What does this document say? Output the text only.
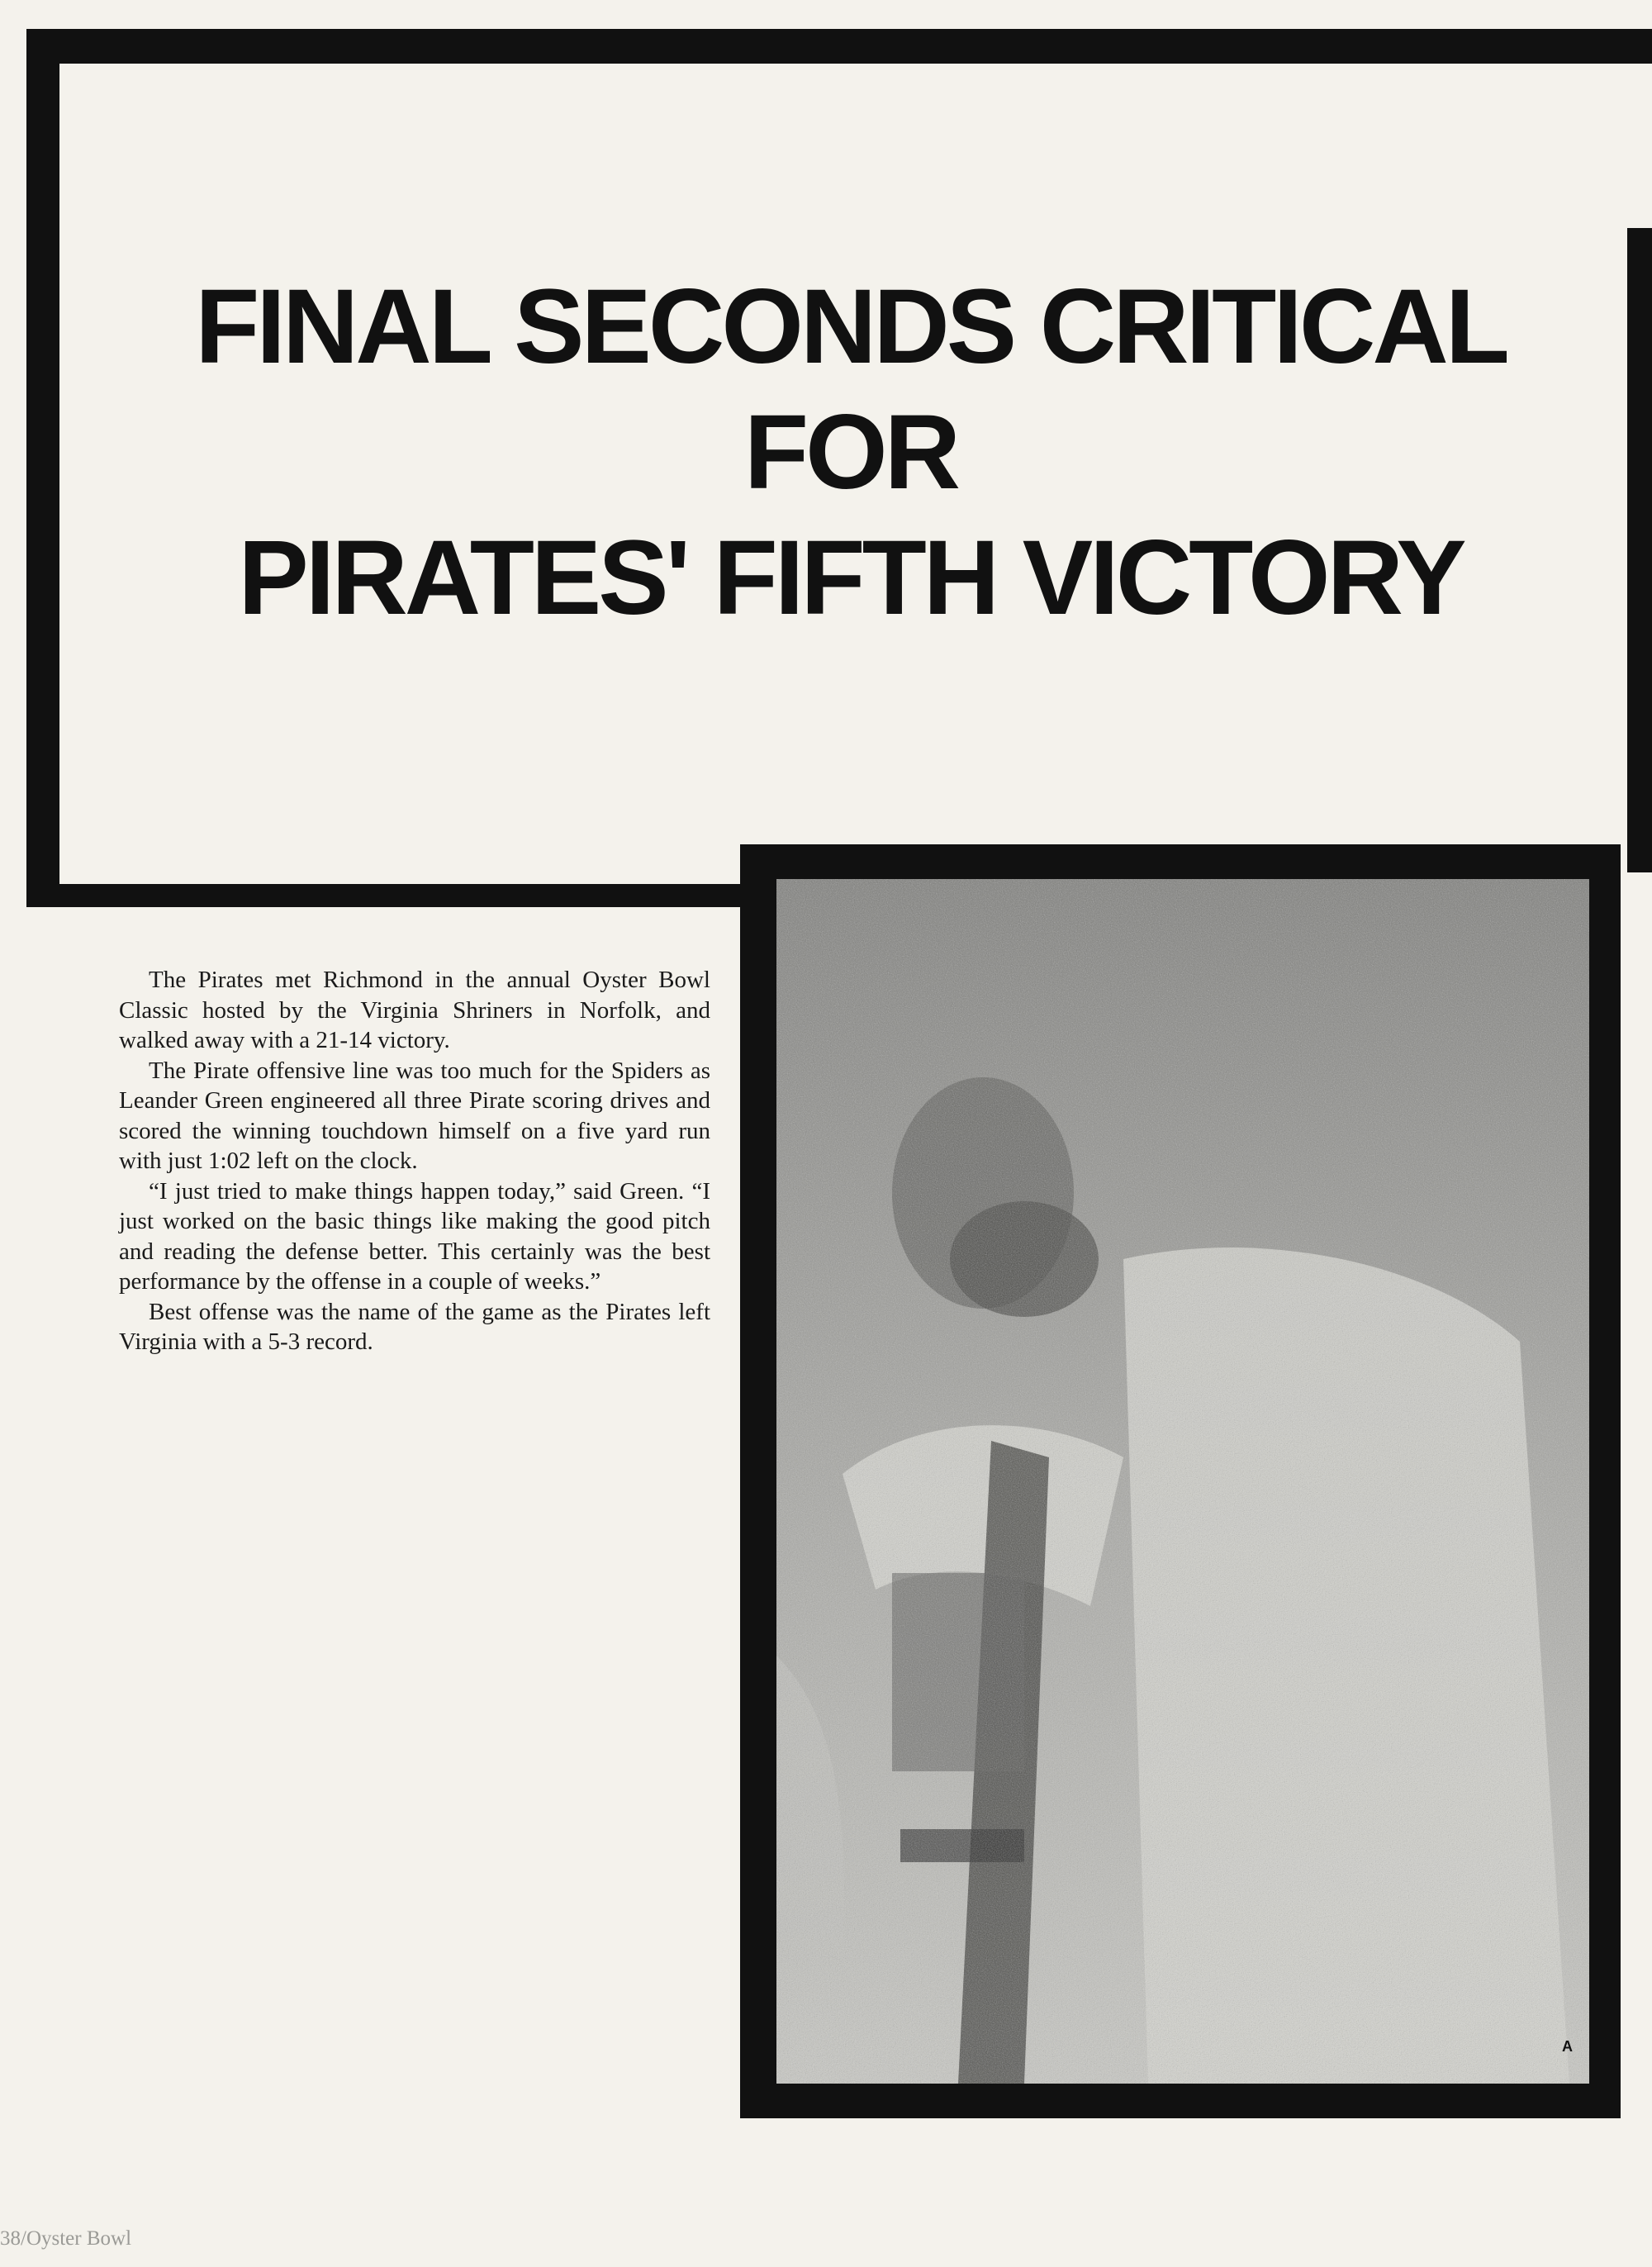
FINAL SECONDS CRITICAL
FOR
PIRATES' FIFTH VICTORY

The Pirates met Richmond in the annual Oyster Bowl Classic hosted by the Virginia Shriners in Norfolk, and walked away with a 21-14 victory.

The Pirate offensive line was too much for the Spiders as Leander Green engineered all three Pirate scoring drives and scored the winning touchdown himself on a five yard run with just 1:02 left on the clock.

“I just tried to make things happen today,” said Green. “I just worked on the basic things like making the good pitch and reading the defense better. This certainly was the best performance by the offense in a couple of weeks.”

Best offense was the name of the game as the Pirates left Virginia with a 5-3 record.

A
38/Oyster Bowl
